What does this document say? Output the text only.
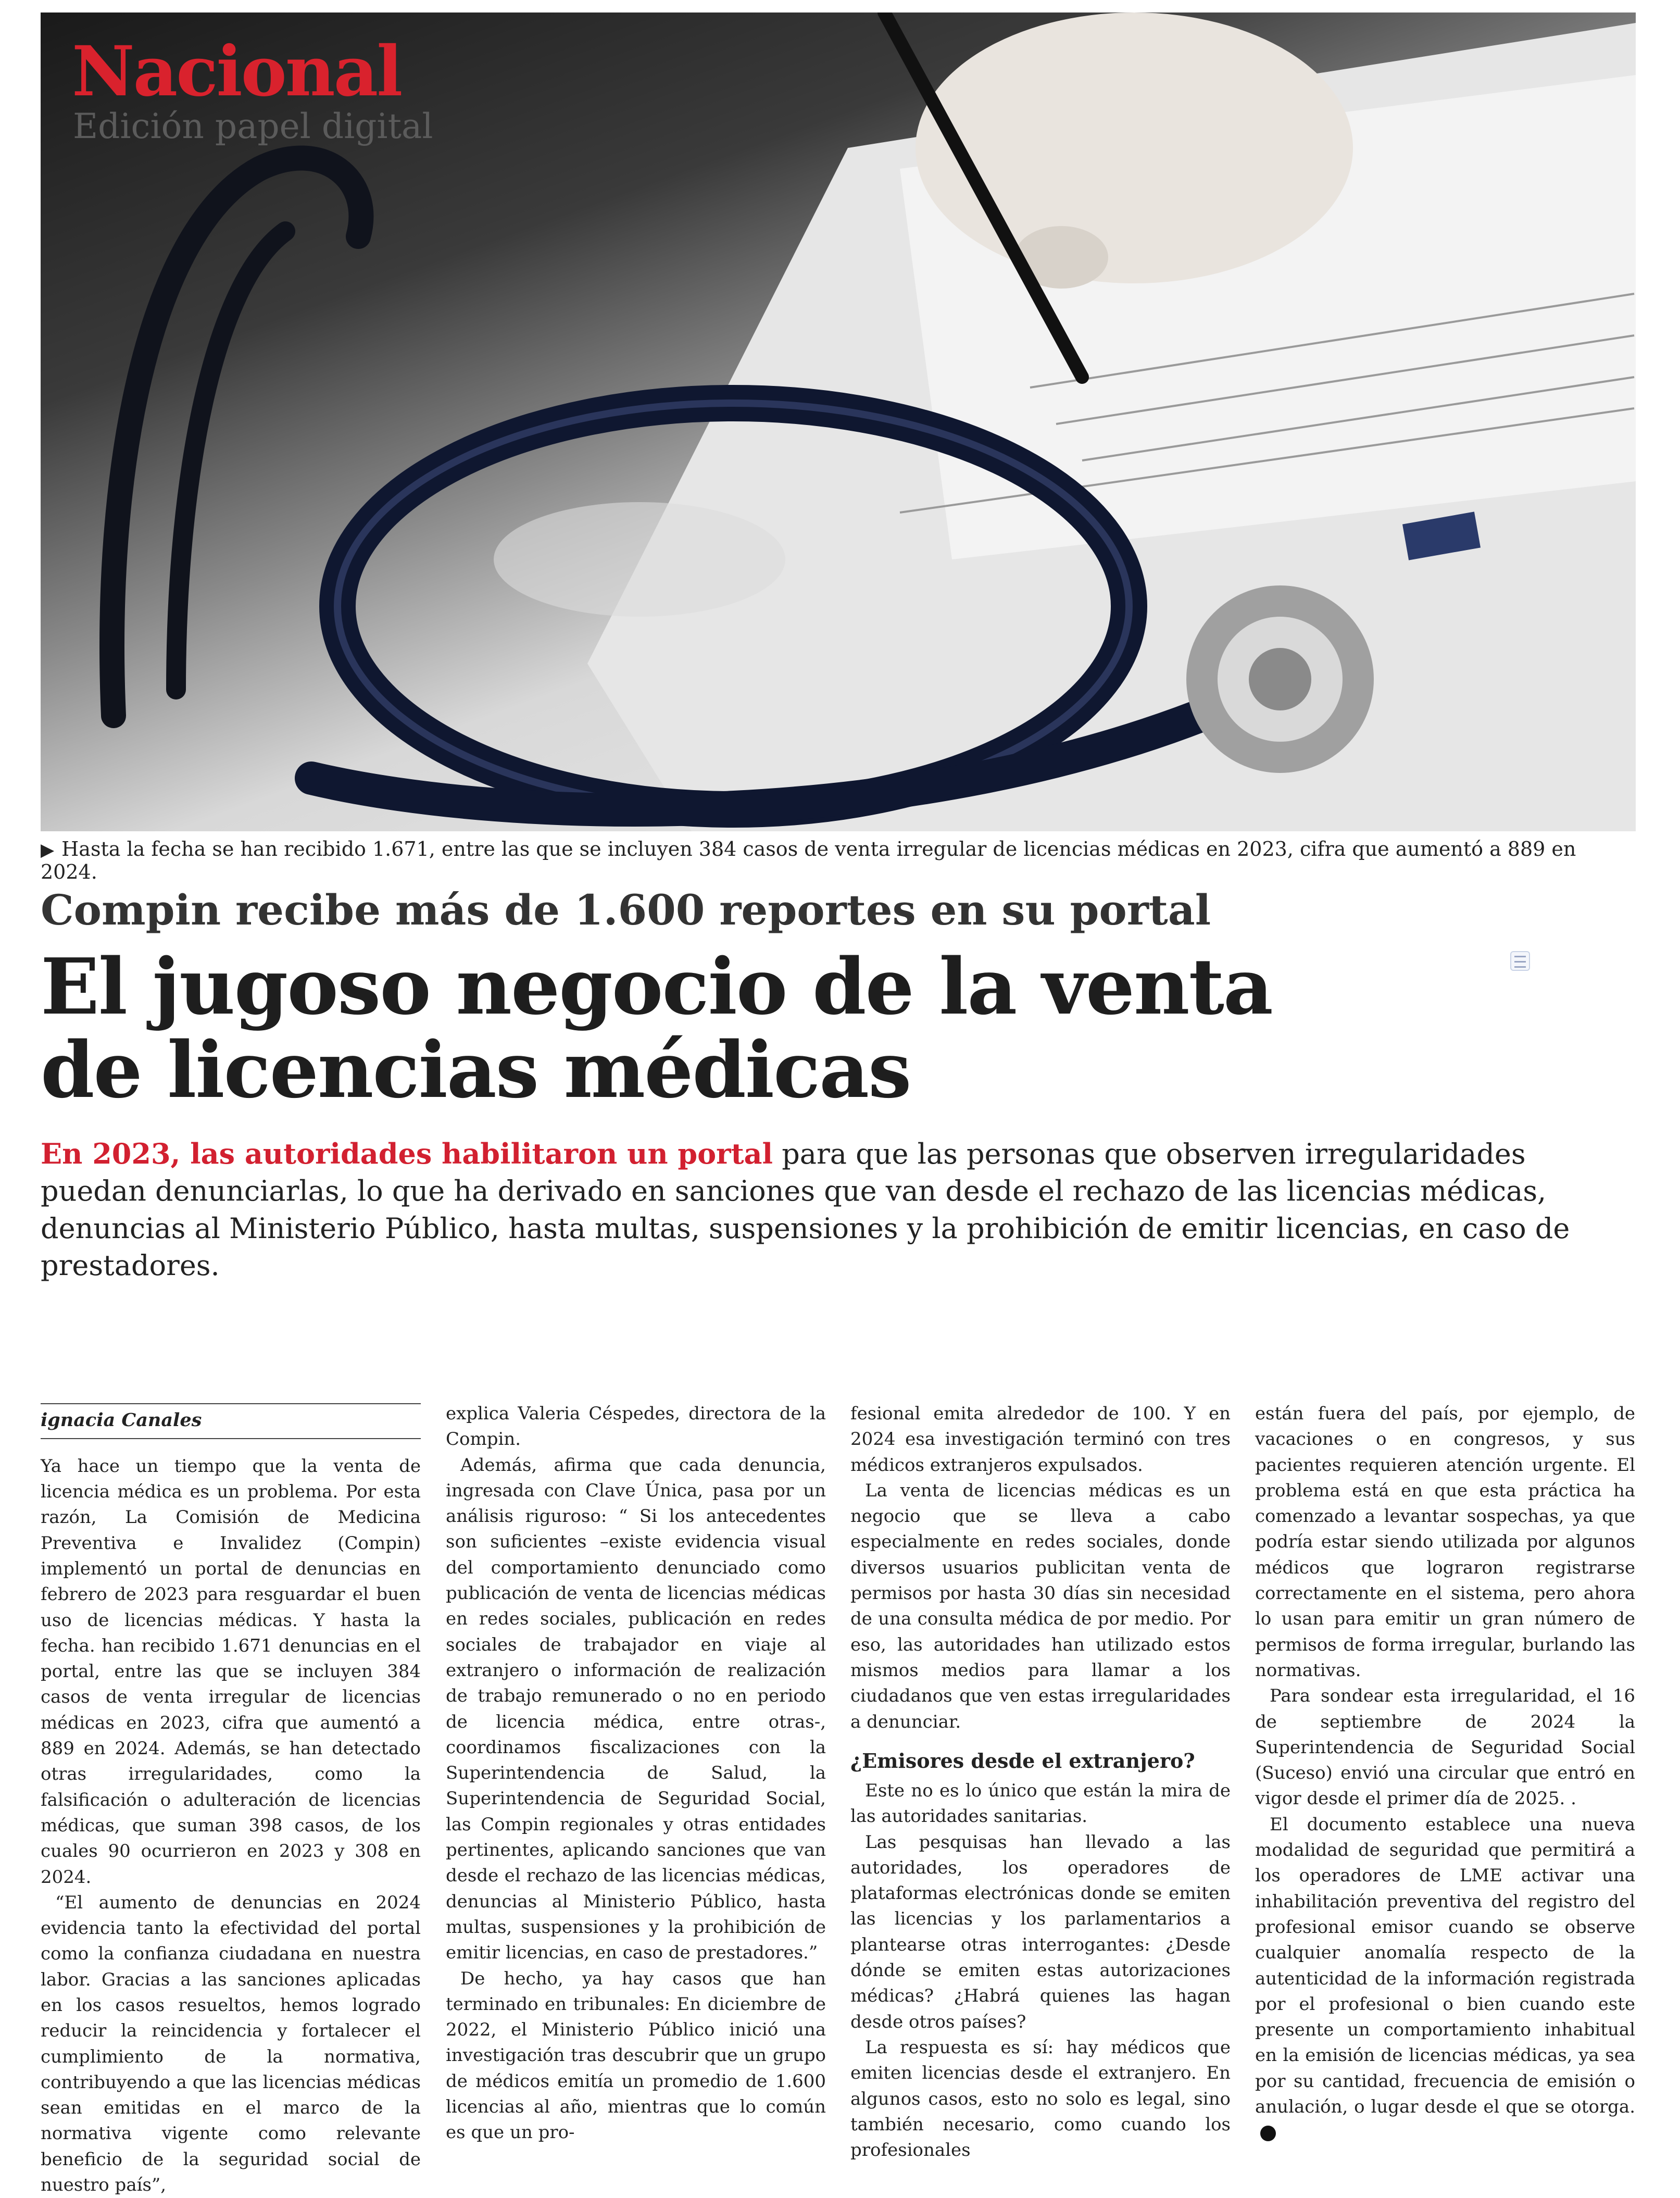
Nacional
Edición papel digital
▶ Hasta la fecha se han recibido 1.671, entre las que se incluyen 384 casos de venta irregular de licencias médicas en 2023, cifra que aumentó a 889 en 2024.
Compin recibe más de 1.600 reportes en su portal
El jugoso negocio de la venta de licencias médicas

En 2023, las autoridades habilitaron un portal para que las personas que observen irregularidades puedan denunciarlas, lo que ha derivado en sanciones que van desde el rechazo de las licencias médicas, denuncias al Ministerio Público, hasta multas, suspensiones y la prohibición de emitir licencias, en caso de prestadores.

ignacia Canales

Ya hace un tiempo que la venta de licencia médica es un problema. Por esta razón, La Comisión de Medicina Preventiva e Invalidez (Compin) implementó un portal de denuncias en febrero de 2023 para resguardar el buen uso de licencias médicas. Y hasta la fecha. han recibido 1.671 denuncias en el portal, entre las que se incluyen 384 casos de venta irregular de licencias médicas en 2023, cifra que aumentó a 889 en 2024. Además, se han detectado otras irregularidades, como la falsificación o adulteración de licencias médicas, que suman 398 casos, de los cuales 90 ocurrieron en 2023 y 308 en 2024.

“El aumento de denuncias en 2024 evidencia tanto la efectividad del portal como la confianza ciudadana en nuestra labor. Gracias a las sanciones aplicadas en los casos resueltos, hemos logrado reducir la reincidencia y fortalecer el cumplimiento de la normativa, contribuyendo a que las licencias médicas sean emitidas en el marco de la normativa vigente como relevante beneficio de la seguridad social de nuestro país”,

explica Valeria Céspedes, directora de la Compin.

Además, afirma que cada denuncia, ingresada con Clave Única, pasa por un análisis riguroso: “ Si los antecedentes son suficientes –existe evidencia visual del comportamiento denunciado como publicación de venta de licencias médicas en redes sociales, publicación en redes sociales de trabajador en viaje al extranjero o información de realización de trabajo remunerado o no en periodo de licencia médica, entre otras-, coordinamos fiscalizaciones con la Superintendencia de Salud, la Superintendencia de Seguridad Social, las Compin regionales y otras entidades pertinentes, aplicando sanciones que van desde el rechazo de las licencias médicas, denuncias al Ministerio Público, hasta multas, suspensiones y la prohibición de emitir licencias, en caso de prestadores.”

De hecho, ya hay casos que han terminado en tribunales: En diciembre de 2022, el Ministerio Público inició una investigación tras descubrir que un grupo de médicos emitía un promedio de 1.600 licencias al año, mientras que lo común es que un pro-

fesional emita alrededor de 100. Y en 2024 esa investigación terminó con tres médicos extranjeros expulsados.

La venta de licencias médicas es un negocio que se lleva a cabo especialmente en redes sociales, donde diversos usuarios publicitan venta de permisos por hasta 30 días sin necesidad de una consulta médica de por medio. Por eso, las autoridades han utilizado estos mismos medios para llamar a los ciudadanos que ven estas irregularidades a denunciar.

¿Emisores desde el extranjero?

Este no es lo único que están la mira de las autoridades sanitarias.

Las pesquisas han llevado a las autoridades, los operadores de plataformas electrónicas donde se emiten las licencias y los parlamentarios a plantearse otras interrogantes: ¿Desde dónde se emiten estas autorizaciones médicas? ¿Habrá quienes las hagan desde otros países?

La respuesta es sí: hay médicos que emiten licencias desde el extranjero. En algunos casos, esto no solo es legal, sino también necesario, como cuando los profesionales

están fuera del país, por ejemplo, de vacaciones o en congresos, y sus pacientes requieren atención urgente. El problema está en que esta práctica ha comenzado a levantar sospechas, ya que podría estar siendo utilizada por algunos médicos que lograron registrarse correctamente en el sistema, pero ahora lo usan para emitir un gran número de permisos de forma irregular, burlando las normativas.

Para sondear esta irregularidad, el 16 de septiembre de 2024 la Superintendencia de Seguridad Social (Suceso) envió una circular que entró en vigor desde el primer día de 2025. .

El documento establece una nueva modalidad de seguridad que permitirá a los operadores de LME activar una inhabilitación preventiva del registro del profesional emisor cuando se observe cualquier anomalía respecto de la autenticidad de la información registrada por el profesional o bien cuando este presente un comportamiento inhabitual en la emisión de licencias médicas, ya sea por su cantidad, frecuencia de emisión o anulación, o lugar desde el que se otorga.
